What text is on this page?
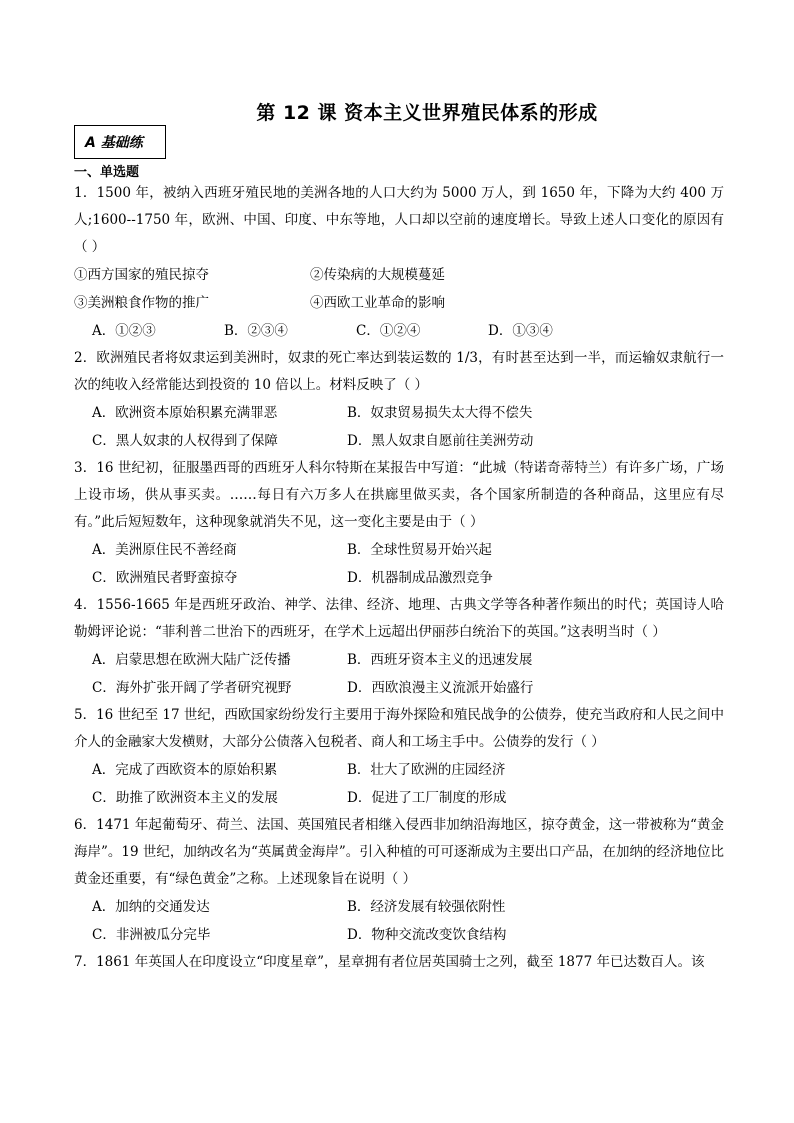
第 12 课 资本主义世界殖民体系的形成
A 基础练
一、单选题
1．1500 年，被纳入西班牙殖民地的美洲各地的人口大约为 5000 万人，到 1650 年，下降为大约 400 万人;1600--1750 年，欧洲、中国、印度、中东等地，人口却以空前的速度增长。导致上述人口变化的原因有（ ）
①西方国家的殖民掠夺	②传染病的大规模蔓延
③美洲粮食作物的推广	④西欧工业革命的影响
A．①②③	B．②③④	C．①②④	D．①③④
2．欧洲殖民者将奴隶运到美洲时，奴隶的死亡率达到装运数的 1/3，有时甚至达到一半，而运输奴隶航行一次的纯收入经常能达到投资的 10 倍以上。材料反映了（ ）
A．欧洲资本原始积累充满罪恶	B．奴隶贸易损失太大得不偿失
C．黑人奴隶的人权得到了保障	D．黑人奴隶自愿前往美洲劳动
3．16 世纪初，征服墨西哥的西班牙人科尔特斯在某报告中写道：“此城（特诺奇蒂特兰）有许多广场，广场上设市场，供从事买卖。……每日有六万多人在拱廊里做买卖，各个国家所制造的各种商品，这里应有尽有。”此后短短数年，这种现象就消失不见，这一变化主要是由于（ ）
A．美洲原住民不善经商	B．全球性贸易开始兴起
C．欧洲殖民者野蛮掠夺	D．机器制成品激烈竞争
4．1556-1665 年是西班牙政治、神学、法律、经济、地理、古典文学等各种著作频出的时代；英国诗人哈勒姆评论说：“菲利普二世治下的西班牙，在学术上远超出伊丽莎白统治下的英国。”这表明当时（ ）
A．启蒙思想在欧洲大陆广泛传播	B．西班牙资本主义的迅速发展
C．海外扩张开阔了学者研究视野	D．西欧浪漫主义流派开始盛行
5．16 世纪至 17 世纪，西欧国家纷纷发行主要用于海外探险和殖民战争的公债券，使充当政府和人民之间中介人的金融家大发横财，大部分公债落入包税者、商人和工场主手中。公债券的发行（ ）
A．完成了西欧资本的原始积累	B．壮大了欧洲的庄园经济
C．助推了欧洲资本主义的发展	D．促进了工厂制度的形成
6．1471 年起葡萄牙、荷兰、法国、英国殖民者相继入侵西非加纳沿海地区，掠夺黄金，这一带被称为“黄金海岸”。19 世纪，加纳改名为“英属黄金海岸”。引入种植的可可逐渐成为主要出口产品，在加纳的经济地位比黄金还重要，有“绿色黄金”之称。上述现象旨在说明（ ）
A．加纳的交通发达	B．经济发展有较强依附性
C．非洲被瓜分完毕	D．物种交流改变饮食结构
7．1861 年英国人在印度设立“印度星章”，星章拥有者位居英国骑士之列，截至 1877 年已达数百人。该
